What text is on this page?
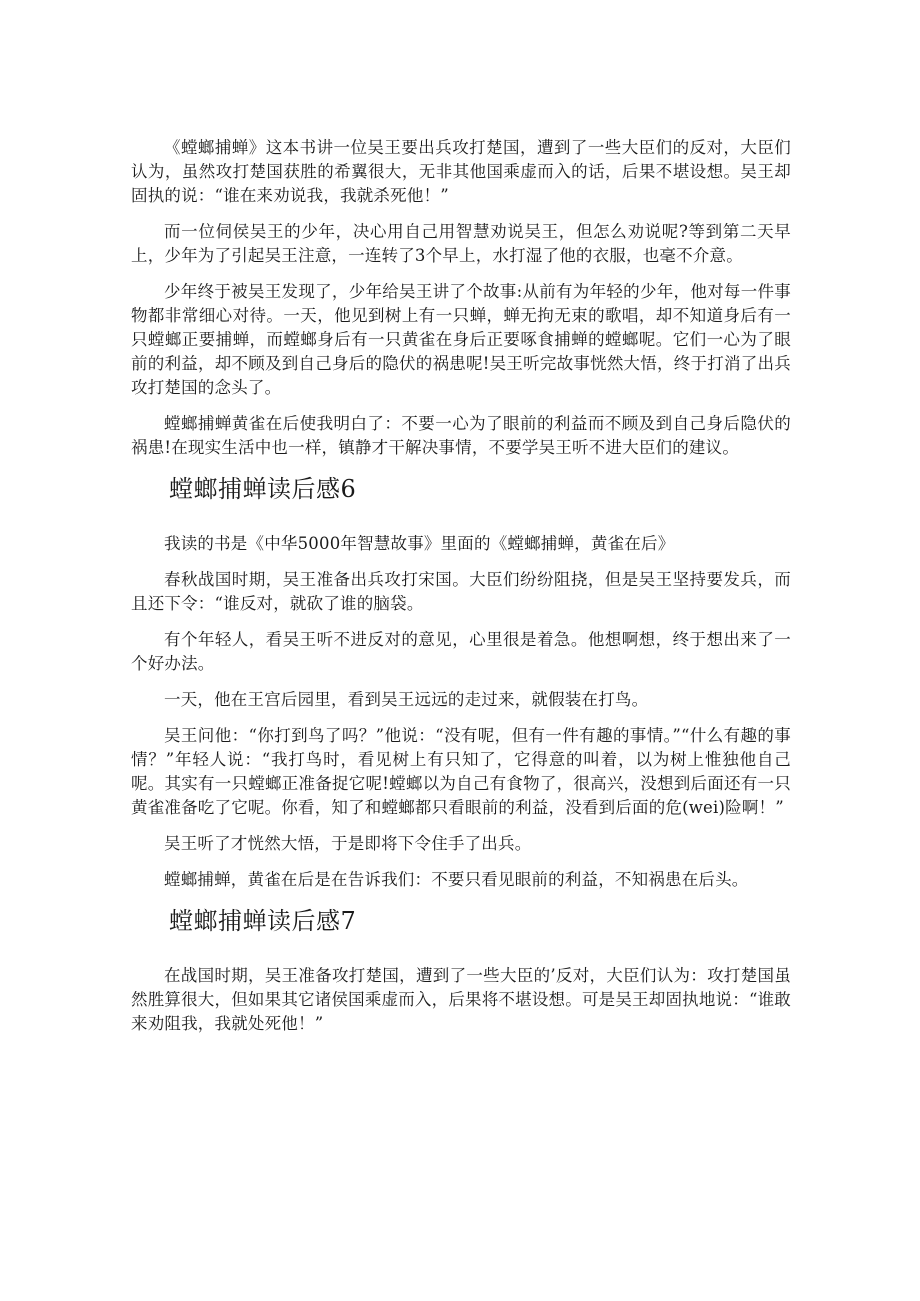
《螳螂捕蝉》这本书讲一位吴王要出兵攻打楚国，遭到了一些大臣们的反对，大臣们认为，虽然攻打楚国获胜的希翼很大，无非其他国乘虚而入的话，后果不堪设想。吴王却固执的说：“谁在来劝说我，我就杀死他！”

而一位伺侯吴王的少年，决心用自己用智慧劝说吴王，但怎么劝说呢?等到第二天早上，少年为了引起吴王注意，一连转了3个早上，水打湿了他的衣服，也毫不介意。

少年终于被吴王发现了，少年给吴王讲了个故事:从前有为年轻的少年，他对每一件事物都非常细心对待。一天，他见到树上有一只蝉，蝉无拘无束的歌唱，却不知道身后有一只螳螂正要捕蝉，而螳螂身后有一只黄雀在身后正要啄食捕蝉的螳螂呢。它们一心为了眼前的利益，却不顾及到自己身后的隐伏的祸患呢!吴王听完故事恍然大悟，终于打消了出兵攻打楚国的念头了。

螳螂捕蝉黄雀在后使我明白了：不要一心为了眼前的利益而不顾及到自己身后隐伏的祸患!在现实生活中也一样，镇静才干解决事情，不要学吴王听不进大臣们的建议。

螳螂捕蝉读后感6

我读的书是《中华5000年智慧故事》里面的《螳螂捕蝉，黄雀在后》

春秋战国时期，吴王准备出兵攻打宋国。大臣们纷纷阻挠，但是吴王坚持要发兵，而且还下令：“谁反对，就砍了谁的脑袋。

有个年轻人，看吴王听不进反对的意见，心里很是着急。他想啊想，终于想出来了一个好办法。

一天，他在王宫后园里，看到吴王远远的走过来，就假装在打鸟。

吴王问他：“你打到鸟了吗？”他说：“没有呢，但有一件有趣的事情。”“什么有趣的事情？”年轻人说：“我打鸟时，看见树上有只知了，它得意的叫着，以为树上惟独他自己呢。其实有一只螳螂正准备捉它呢!螳螂以为自己有食物了，很高兴，没想到后面还有一只黄雀准备吃了它呢。你看，知了和螳螂都只看眼前的利益，没看到后面的危(wei)险啊！”

吴王听了才恍然大悟，于是即将下令住手了出兵。

螳螂捕蝉，黄雀在后是在告诉我们：不要只看见眼前的利益，不知祸患在后头。

螳螂捕蝉读后感7

在战国时期，吴王准备攻打楚国，遭到了一些大臣的’反对，大臣们认为：攻打楚国虽然胜算很大，但如果其它诸侯国乘虚而入，后果将不堪设想。可是吴王却固执地说：“谁敢来劝阻我，我就处死他！”
